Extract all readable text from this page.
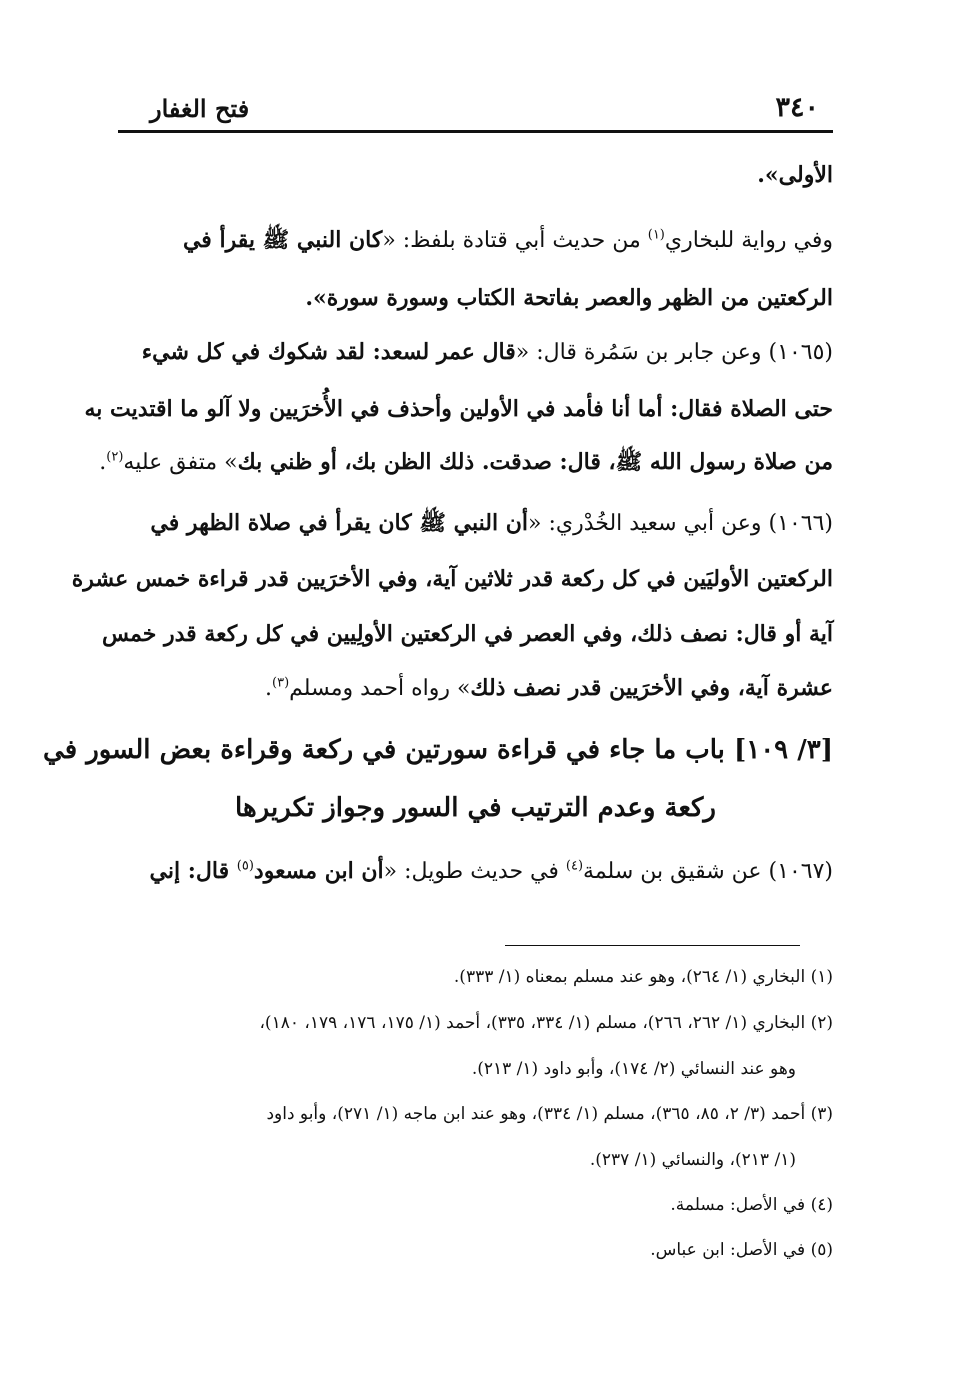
٣٤٠
فتح الغفار
الأولى».
وفي رواية للبخاري$^{(١)}$ من حديث أبي قتادة بلفظ: «كان النبي ﷺ يقرأ في
الركعتين من الظهر والعصر بفاتحة الكتاب وسورة سورة».
(١٠٦٥) وعن جابر بن سَمُرة قال: «قال عمر لسعد: لقد شكوك في كل شيء
حتى الصلاة فقال: أما أنا فأمد في الأولين وأحذف في الأُخرَيين ولا آلو ما اقتديت به
من صلاة رسول الله ﷺ، قال: صدقت. ذلك الظن بك، أو ظني بك» متفق عليه$^{(٢)}$.
(١٠٦٦) وعن أبي سعيد الخُدْري: «أن النبي ﷺ كان يقرأ في صلاة الظهر في
الركعتين الأوليَين في كل ركعة قدر ثلاثين آية، وفي الأخرَيين قدر قراءة خمس عشرة
آية أو قال: نصف ذلك، وفي العصر في الركعتين الأولِيين في كل ركعة قدر خمس
عشرة آية، وفي الأخرَيين قدر نصف ذلك» رواه أحمد ومسلم$^{(٣)}$.
[٣/ ١٠٩] باب ما جاء في قراءة سورتين في ركعة وقراءة بعض السور في
ركعة وعدم الترتيب في السور وجواز تكريرها
(١٠٦٧) عن شقيق بن سلمة$^{(٤)}$ في حديث طويل: «أن ابن مسعود$^{(٥)}$ قال: إني
(١) البخاري (١/ ٢٦٤)، وهو عند مسلم بمعناه (١/ ٣٣٣).
(٢) البخاري (١/ ٢٦٢، ٢٦٦)، مسلم (١/ ٣٣٤، ٣٣٥)، أحمد (١/ ١٧٥، ١٧٦، ١٧٩، ١٨٠)،
وهو عند النسائي (٢/ ١٧٤)، وأبو داود (١/ ٢١٣).
(٣) أحمد (٣/ ٢، ٨٥، ٣٦٥)، مسلم (١/ ٣٣٤)، وهو عند ابن ماجه (١/ ٢٧١)، وأبو داود
(١/ ٢١٣)، والنسائي (١/ ٢٣٧).
(٤) في الأصل: مسلمة.
(٥) في الأصل: ابن عباس.
